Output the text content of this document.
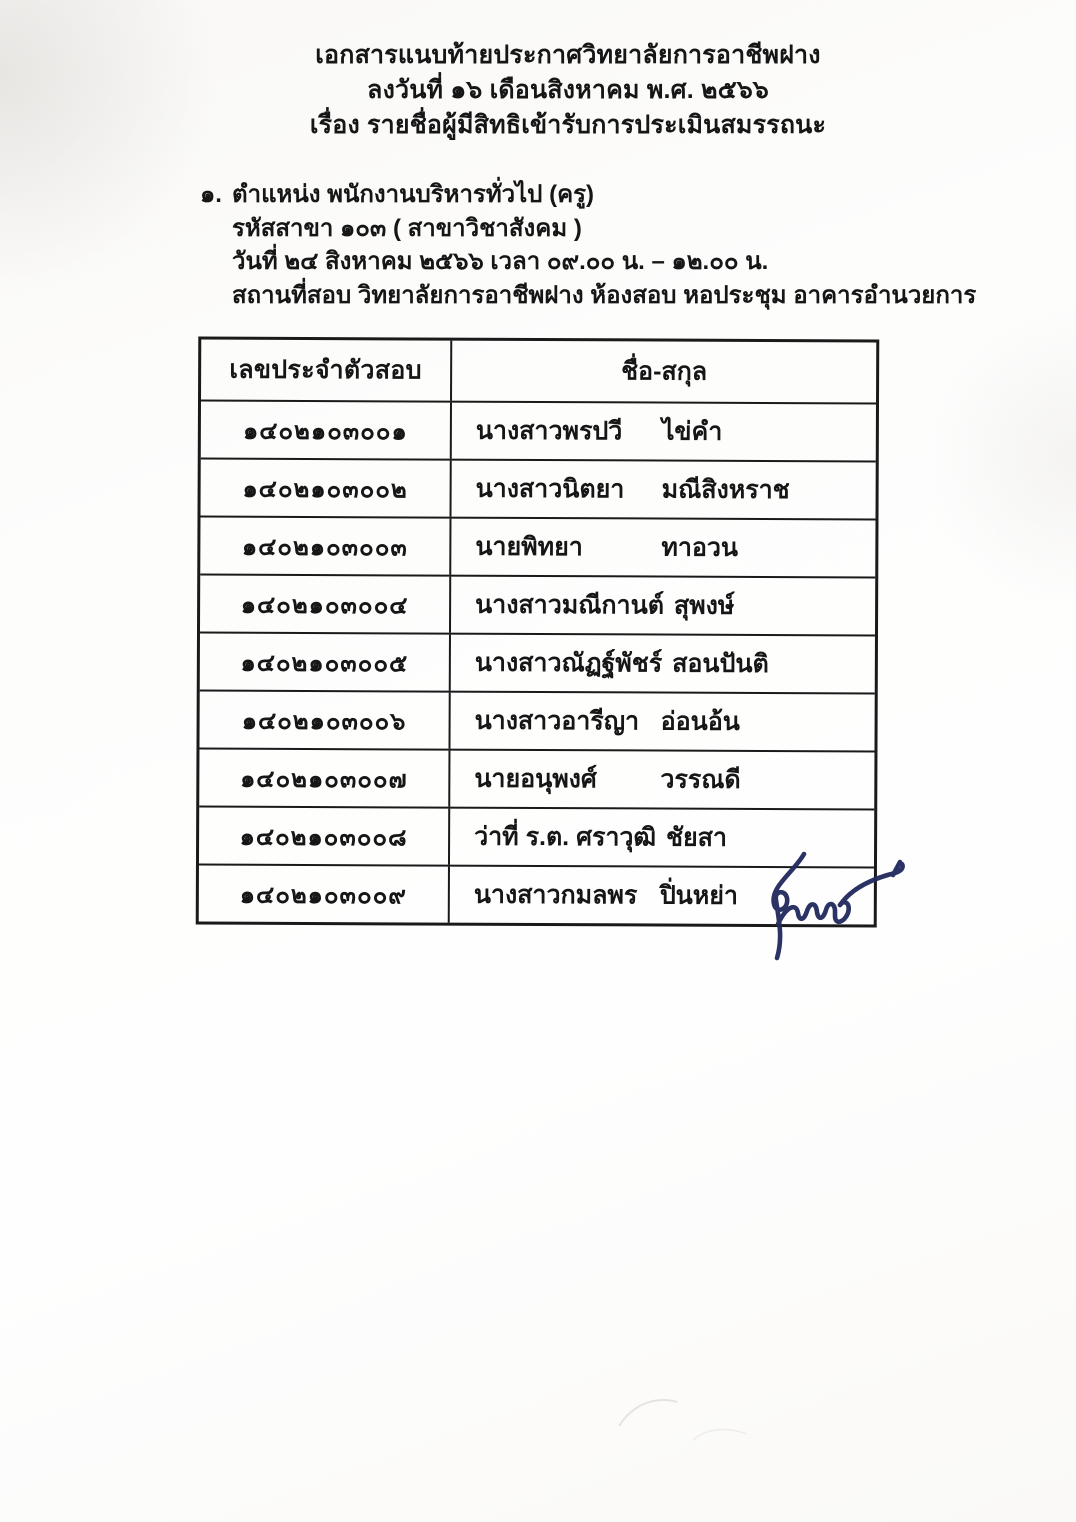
เอกสารแนบท้ายประกาศวิทยาลัยการอาชีพฝาง
ลงวันที่ ๑๖ เดือนสิงหาคม พ.ศ. ๒๕๖๖
เรื่อง รายชื่อผู้มีสิทธิเข้ารับการประเมินสมรรถนะ
๑. ตำแหน่ง พนักงานบริหารทั่วไป (ครู)
รหัสสาขา ๑๐๓ ( สาขาวิชาสังคม )
วันที่ ๒๔ สิงหาคม ๒๕๖๖ เวลา ๐๙.๐๐ น. – ๑๒.๐๐ น.
สถานที่สอบ วิทยาลัยการอาชีพฝาง ห้องสอบ หอประชุม อาคารอำนวยการ
เลขประจำตัวสอบ	ชื่อ-สกุล
๑๔๐๒๑๐๓๐๐๑	นางสาวพรปวี	ไข่คำ
๑๔๐๒๑๐๓๐๐๒	นางสาวนิตยา	มณีสิงหราช
๑๔๐๒๑๐๓๐๐๓	นายพิทยา	ทาอวน
๑๔๐๒๑๐๓๐๐๔	นางสาวมณีกานต์ สุพงษ์
๑๔๐๒๑๐๓๐๐๕	นางสาวณัฏฐ์พัชร์ สอนปันติ
๑๔๐๒๑๐๓๐๐๖	นางสาวอารีญา อ่อนอ้น
๑๔๐๒๑๐๓๐๐๗	นายอนุพงศ์	วรรณดี
๑๔๐๒๑๐๓๐๐๘	ว่าที่ ร.ต. ศราวุฒิ ชัยสา
๑๔๐๒๑๐๓๐๐๙	นางสาวกมลพร ปิ่นหย่า
